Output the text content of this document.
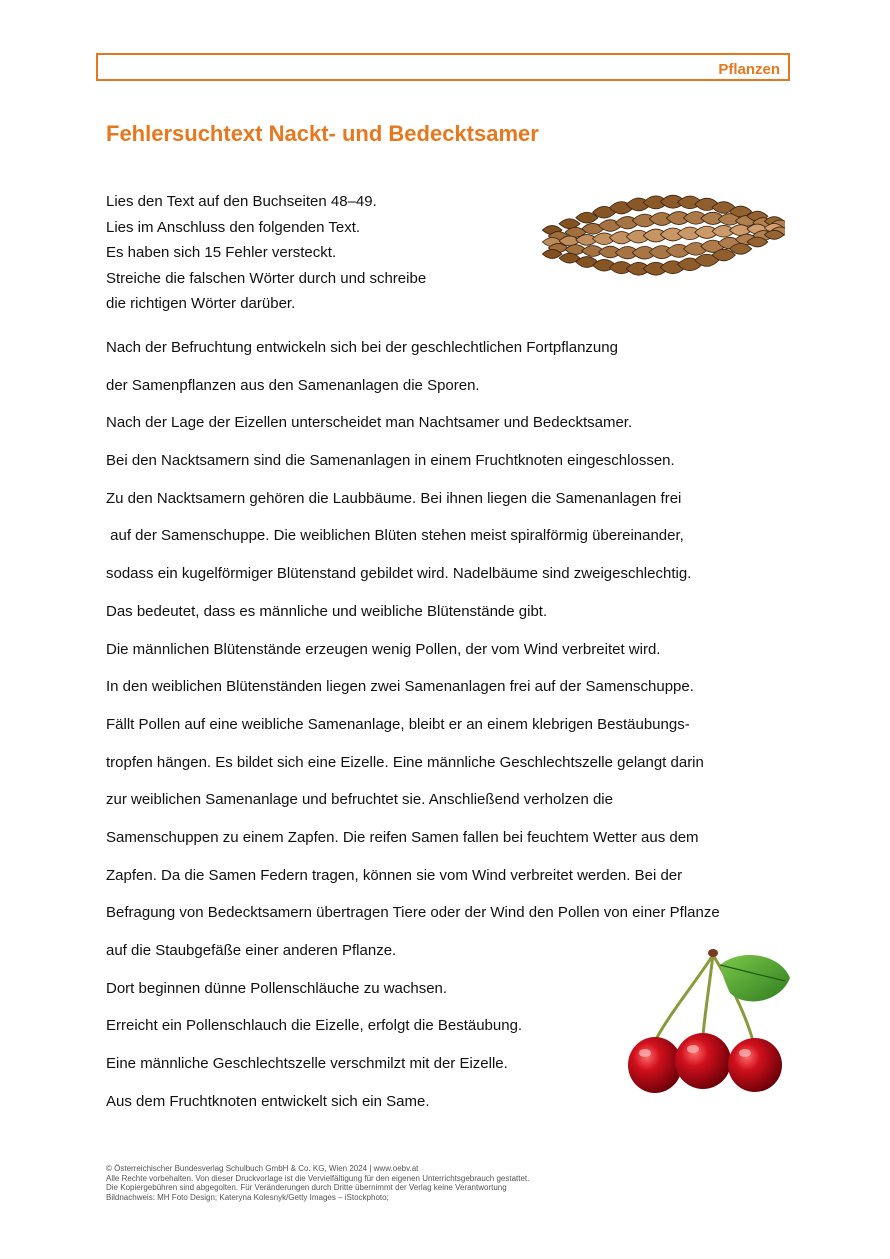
Pflanzen
Fehlersuchtext Nackt- und Bedecktsamer
Lies den Text auf den Buchseiten 48–49.
Lies im Anschluss den folgenden Text.
Es haben sich 15 Fehler versteckt.
Streiche die falschen Wörter durch und schreibe
die richtigen Wörter darüber.
Nach der Befruchtung entwickeln sich bei der geschlechtlichen Fortpflanzung
der Samenpflanzen aus den Samenanlagen die Sporen.
Nach der Lage der Eizellen unterscheidet man Nachtsamer und Bedecktsamer.
Bei den Nacktsamern sind die Samenanlagen in einem Fruchtknoten eingeschlossen.
Zu den Nacktsamern gehören die Laubbäume. Bei ihnen liegen die Samenanlagen frei
auf der Samenschuppe. Die weiblichen Blüten stehen meist spiralförmig übereinander,
sodass ein kugelförmiger Blütenstand gebildet wird. Nadelbäume sind zweigeschlechtig.
Das bedeutet, dass es männliche und weibliche Blütenstände gibt.
Die männlichen Blütenstände erzeugen wenig Pollen, der vom Wind verbreitet wird.
In den weiblichen Blütenständen liegen zwei Samenanlagen frei auf der Samenschuppe.
Fällt Pollen auf eine weibliche Samenanlage, bleibt er an einem klebrigen Bestäubungs-
tropfen hängen. Es bildet sich eine Eizelle. Eine männliche Geschlechtszelle gelangt darin
zur weiblichen Samenanlage und befruchtet sie. Anschließend verholzen die
Samenschuppen zu einem Zapfen. Die reifen Samen fallen bei feuchtem Wetter aus dem
Zapfen. Da die Samen Federn tragen, können sie vom Wind verbreitet werden. Bei der
Befragung von Bedecktsamern übertragen Tiere oder der Wind den Pollen von einer Pflanze
auf die Staubgefäße einer anderen Pflanze.
Dort beginnen dünne Pollenschläuche zu wachsen.
Erreicht ein Pollenschlauch die Eizelle, erfolgt die Bestäubung.
Eine männliche Geschlechtszelle verschmilzt mit der Eizelle.
Aus dem Fruchtknoten entwickelt sich ein Same.
© Österreichischer Bundesverlag Schulbuch GmbH & Co. KG, Wien 2024 | www.oebv.at
Alle Rechte vorbehalten. Von dieser Druckvorlage ist die Vervielfältigung für den eigenen Unterrichtsgebrauch gestattet.
Die Kopiergebühren sind abgegolten. Für Veränderungen durch Dritte übernimmt der Verlag keine Verantwortung
Bildnachweis: MH Foto Design; Kateryna Kolesnyk/Getty Images – iStockphoto;
